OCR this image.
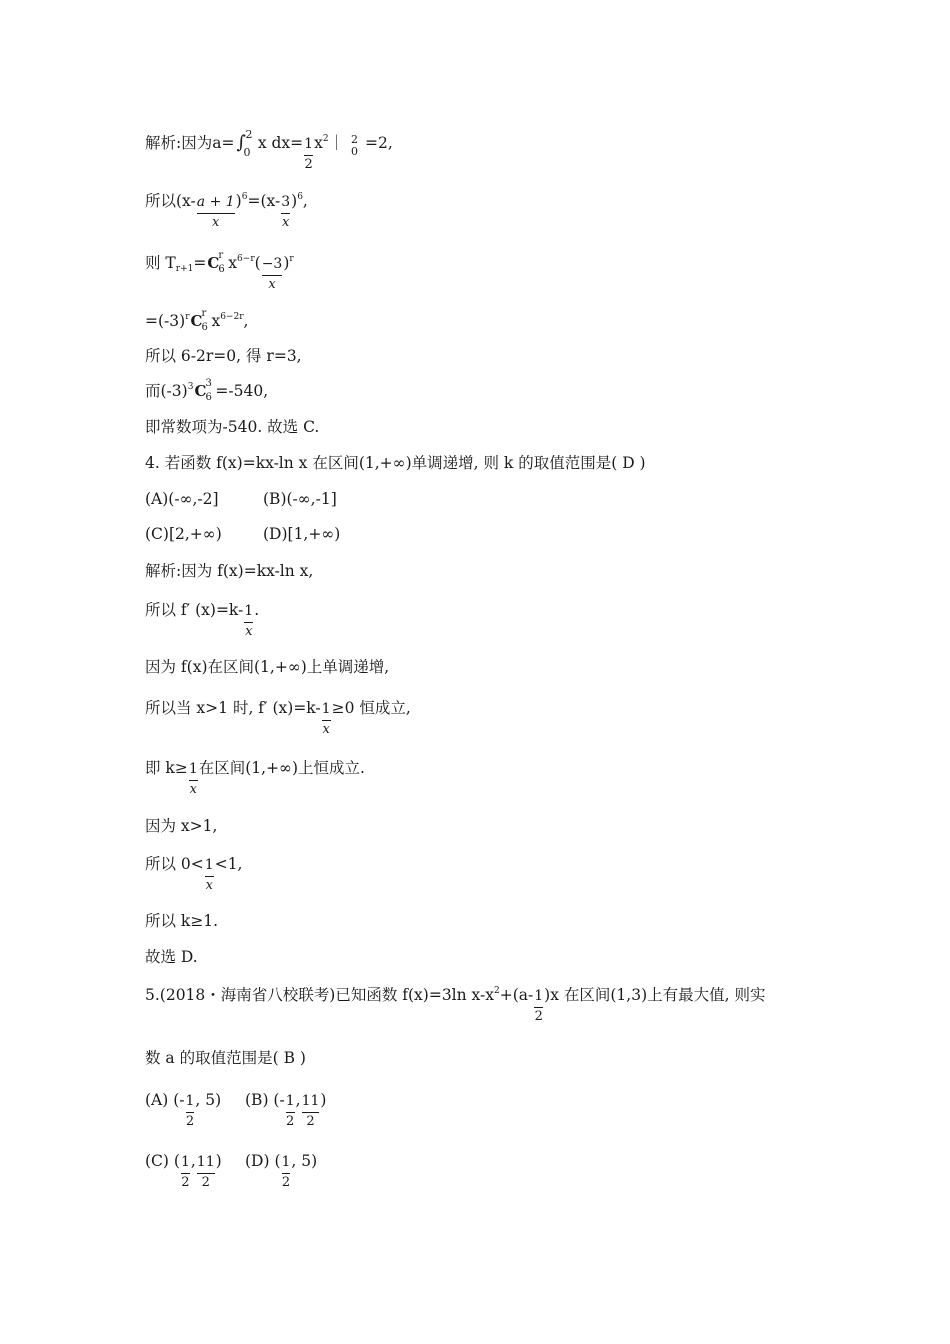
解析:因为a= ∫ 2
0
x $dx= \frac{1}{2}$ $x^2|$ 2
0 =2,
所以$(x- \frac{a + 1}{x} )^6=(x- \frac{3}{x} )^6$,
则 $T_{r+1}=C$ r
6 $x^{6-r}( \frac{-3}{x} )^r$
$=(-3)^rC$ r
6 $x^{6-2r}$,
所以 6-2r=0, 得 r=3,
而$(-3)^3C$ 3
6 =-540,
即常数项为-540. 故选 C.
4. 若函数 f(x)=kx-ln x 在区间(1,+∞)单调递增, 则 k 的取值范围是( D )
(A)(-∞,-2]	(B)(-∞,-1]
(C)[2,+∞)	(D)[1,+∞)
解析:因为 f(x)=kx-ln x,
所以 f′ $(x)=k- \frac{1}{x}$ .
因为 f(x)在区间(1,+∞)上单调递增,
所以当 x>1 时, f′ $(x)=k- \frac{1}{x} \ge 0$ 恒成立,
即 $k\ge \frac{1}{x}$ 在区间(1,+∞)上恒成立.
因为 x>1,
所以 $0< \frac{1}{x} <1$,
所以 k≥1.
故选 D.
5.(2018・海南省八校联考)已知函数 f(x)=3ln $x-x^2+(a- \frac{1}{2} )x$ 在区间(1,3)上有最大值, 则实
数 a 的取值范围是( B )
(A) (- $\frac{1}{2}$ , 5) (B) (- $\frac{1}{2}$ , $\frac{11}{2}$ )
(C) ( $\frac{1}{2}$ , $\frac{11}{2}$ ) (D) ( $\frac{1}{2}$ , 5)
